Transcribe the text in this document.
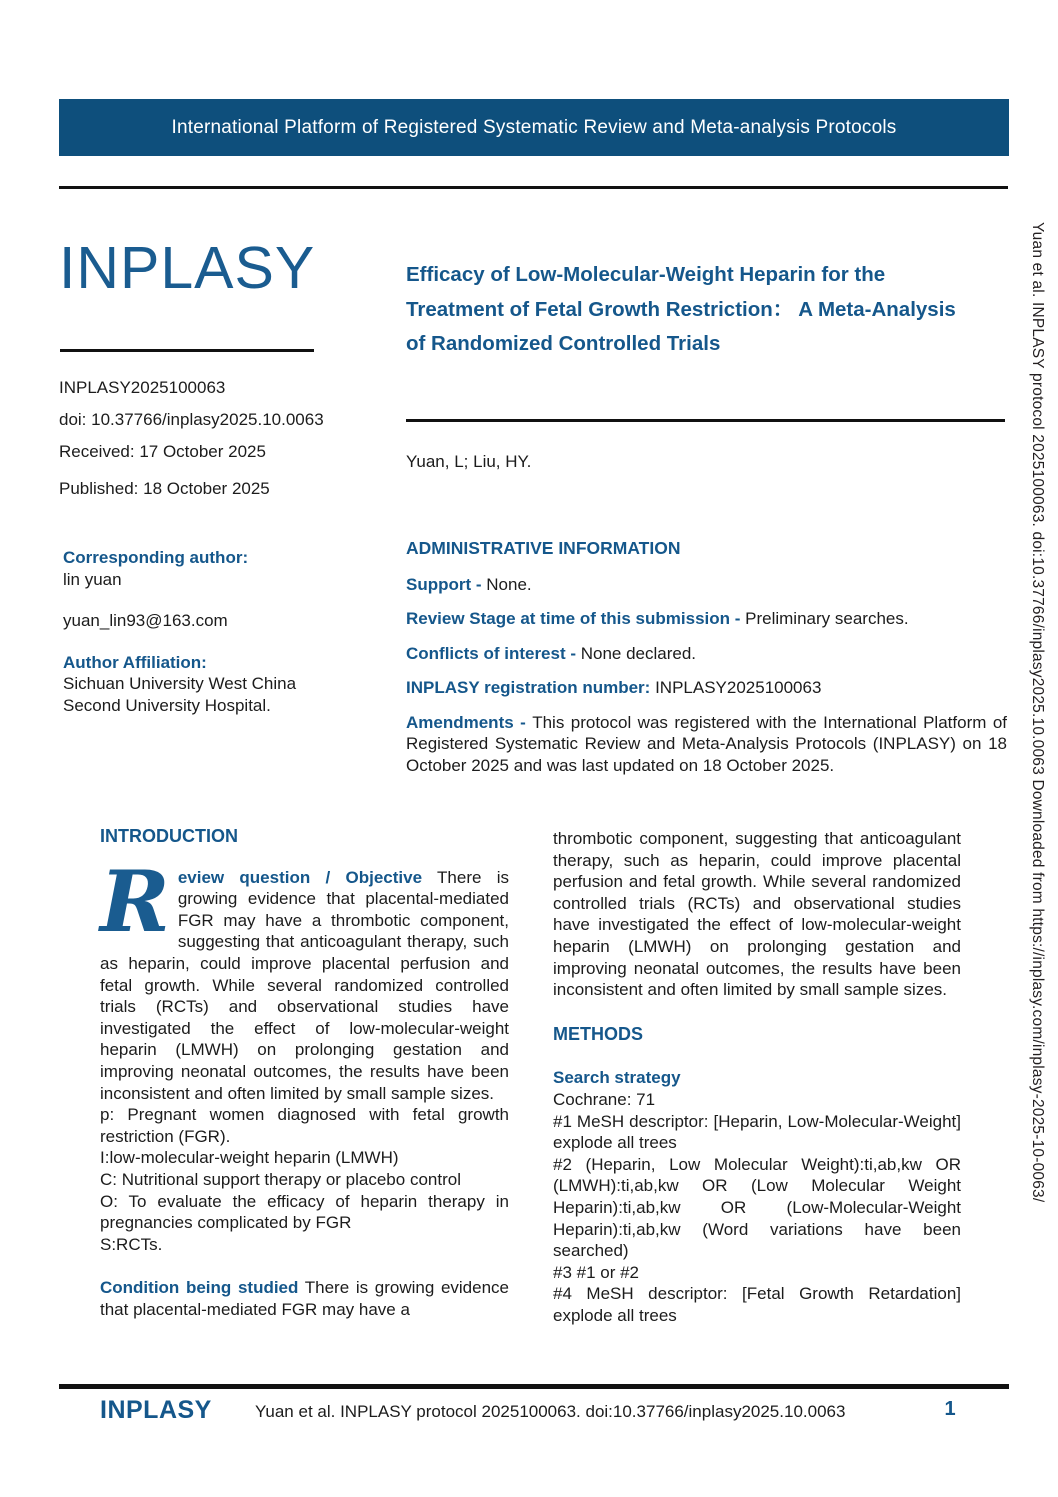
International Platform of Registered Systematic Review and Meta-analysis Protocols
Yuan et al. INPLASY protocol 2025100063. doi:10.37766/inplasy2025.10.0063 Downloaded from https://inplasy.com/inplasy-2025-10-0063/
INPLASY
INPLASY2025100063
doi: 10.37766/inplasy2025.10.0063
Received: 17 October 2025
Published: 18 October 2025
Corresponding author:
lin yuan
yuan_lin93@163.com
Author Affiliation:
Sichuan University West China Second University Hospital.
Efficacy of Low-Molecular-Weight Heparin for the Treatment of Fetal Growth Restriction： A Meta-Analysis of Randomized Controlled Trials
Yuan, L; Liu, HY.

ADMINISTRATIVE INFORMATION

Support - None.

Review Stage at time of this submission - Preliminary searches.

Conflicts of interest - None declared.

INPLASY registration number: INPLASY2025100063

Amendments - This protocol was registered with the International Platform of Registered Systematic Review and Meta-Analysis Protocols (INPLASY) on 18 October 2025 and was last updated on 18 October 2025.

INTRODUCTION

Review question / Objective There is growing evidence that placental-mediated FGR may have a thrombotic component, suggesting that anticoagulant therapy, such as heparin, could improve placental perfusion and fetal growth. While several randomized controlled trials (RCTs) and observational studies have investigated the effect of low-molecular-weight heparin (LMWH) on prolonging gestation and improving neonatal outcomes, the results have been inconsistent and often limited by small sample sizes.

p: Pregnant women diagnosed with fetal growth restriction (FGR).

I:low-molecular-weight heparin (LMWH)

C: Nutritional support therapy or placebo control

O: To evaluate the efficacy of heparin therapy in pregnancies complicated by FGR

S:RCTs.

Condition being studied There is growing evidence that placental-mediated FGR may have a

thrombotic component, suggesting that anticoagulant therapy, such as heparin, could improve placental perfusion and fetal growth. While several randomized controlled trials (RCTs) and observational studies have investigated the effect of low-molecular-weight heparin (LMWH) on prolonging gestation and improving neonatal outcomes, the results have been inconsistent and often limited by small sample sizes.

METHODS

Search strategy

Cochrane: 71

#1 MeSH descriptor: [Heparin, Low-Molecular-Weight] explode all trees

#2 (Heparin, Low Molecular Weight):ti,ab,kw OR (LMWH):ti,ab,kw OR (Low Molecular Weight Heparin):ti,ab,kw OR (Low-Molecular-Weight Heparin):ti,ab,kw (Word variations have been searched)

#3 #1 or #2

#4 MeSH descriptor: [Fetal Growth Retardation] explode all trees

INPLASY	Yuan et al. INPLASY protocol 2025100063. doi:10.37766/inplasy2025.10.0063	1
